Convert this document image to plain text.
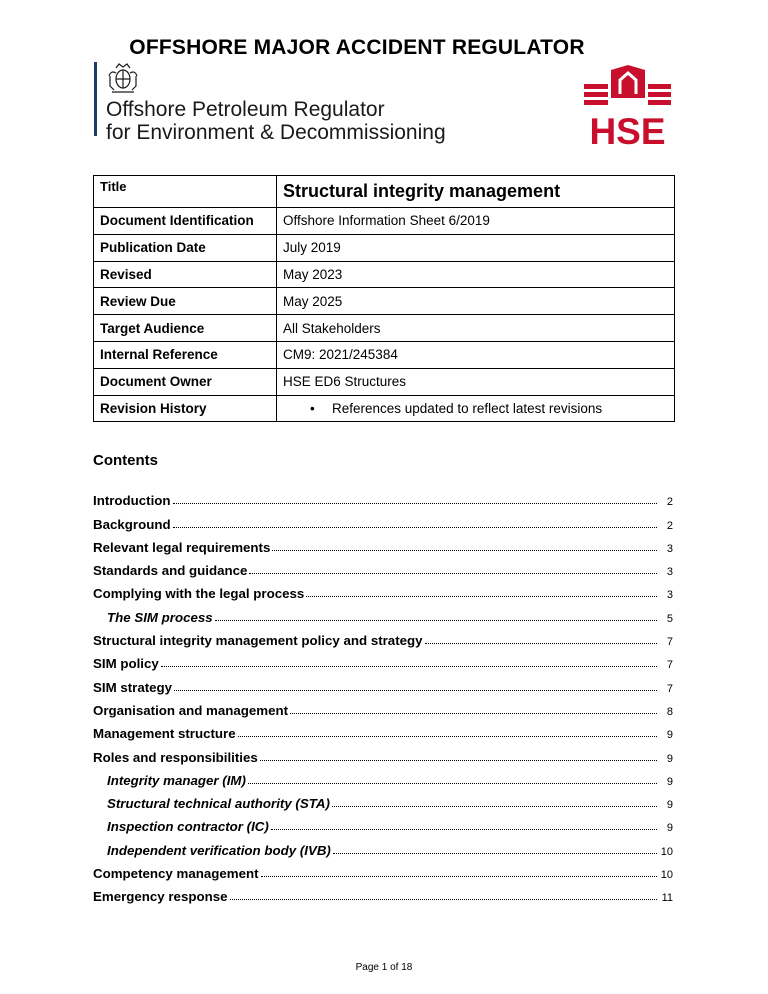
OFFSHORE MAJOR ACCIDENT REGULATOR
Offshore Petroleum Regulator
for Environment & Decommissioning	HSE
Title	Structural integrity management
Document Identification	Offshore Information Sheet 6/2019
Publication Date	July 2019
Revised	May 2023
Review Due	May 2025
Target Audience	All Stakeholders
Internal Reference	CM9: 2021/245384
Document Owner	HSE ED6 Structures
Revision History	• References updated to reflect latest revisions
Contents
Introduction	2
Background	2
Relevant legal requirements	3
Standards and guidance	3
Complying with the legal process	3
The SIM process	5
Structural integrity management policy and strategy	7
SIM policy	7
SIM strategy	7
Organisation and management	8
Management structure	9
Roles and responsibilities	9
Integrity manager (IM)	9
Structural technical authority (STA)	9
Inspection contractor (IC)	9
Independent verification body (IVB)	10
Competency management	10
Emergency response	11
Page 1 of 18
